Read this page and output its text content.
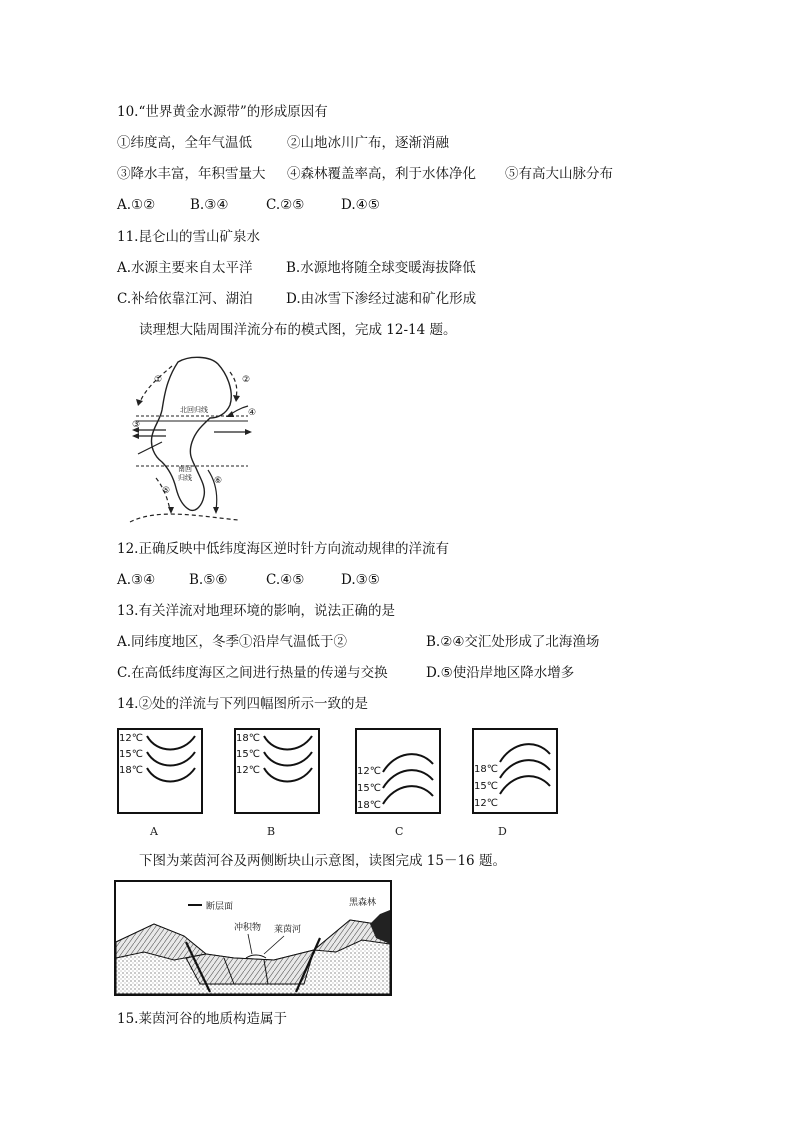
10.“世界黄金水源带”的形成原因有
①纬度高，全年气温低	②山地冰川广布，逐渐消融
③降水丰富，年积雪量大 ④森林覆盖率高，利于水体净化 ⑤有高大山脉分布
A.①②	B.③④	C.②⑤	D.④⑤
11.昆仑山的雪山矿泉水
A.水源主要来自太平洋 B.水源地将随全球变暖海拔降低
C.补给依靠江河、湖泊 D.由冰雪下渗经过滤和矿化形成
读理想大陆周围洋流分布的模式图，完成 12-14 题。
北回归线
南回
归线
①	②
③
④
⑤
⑥
12.正确反映中低纬度海区逆时针方向流动规律的洋流有
A.③④	B.⑤⑥	C.④⑤	D.③⑤
13.有关洋流对地理环境的影响，说法正确的是
A.同纬度地区，冬季①沿岸气温低于②	B.②④交汇处形成了北海渔场
C.在高低纬度海区之间进行热量的传递与交换	D.⑤使沿岸地区降水增多
14.②处的洋流与下列四幅图所示一致的是
12℃
15℃
18℃
A
18℃
15℃
12℃
B
12℃
15℃
18℃
C
18℃
15℃
12℃
D
下图为莱茵河谷及两侧断块山示意图，读图完成 15－16 题。
断层面	黑森林
冲积物 莱茵河
15.莱茵河谷的地质构造属于
